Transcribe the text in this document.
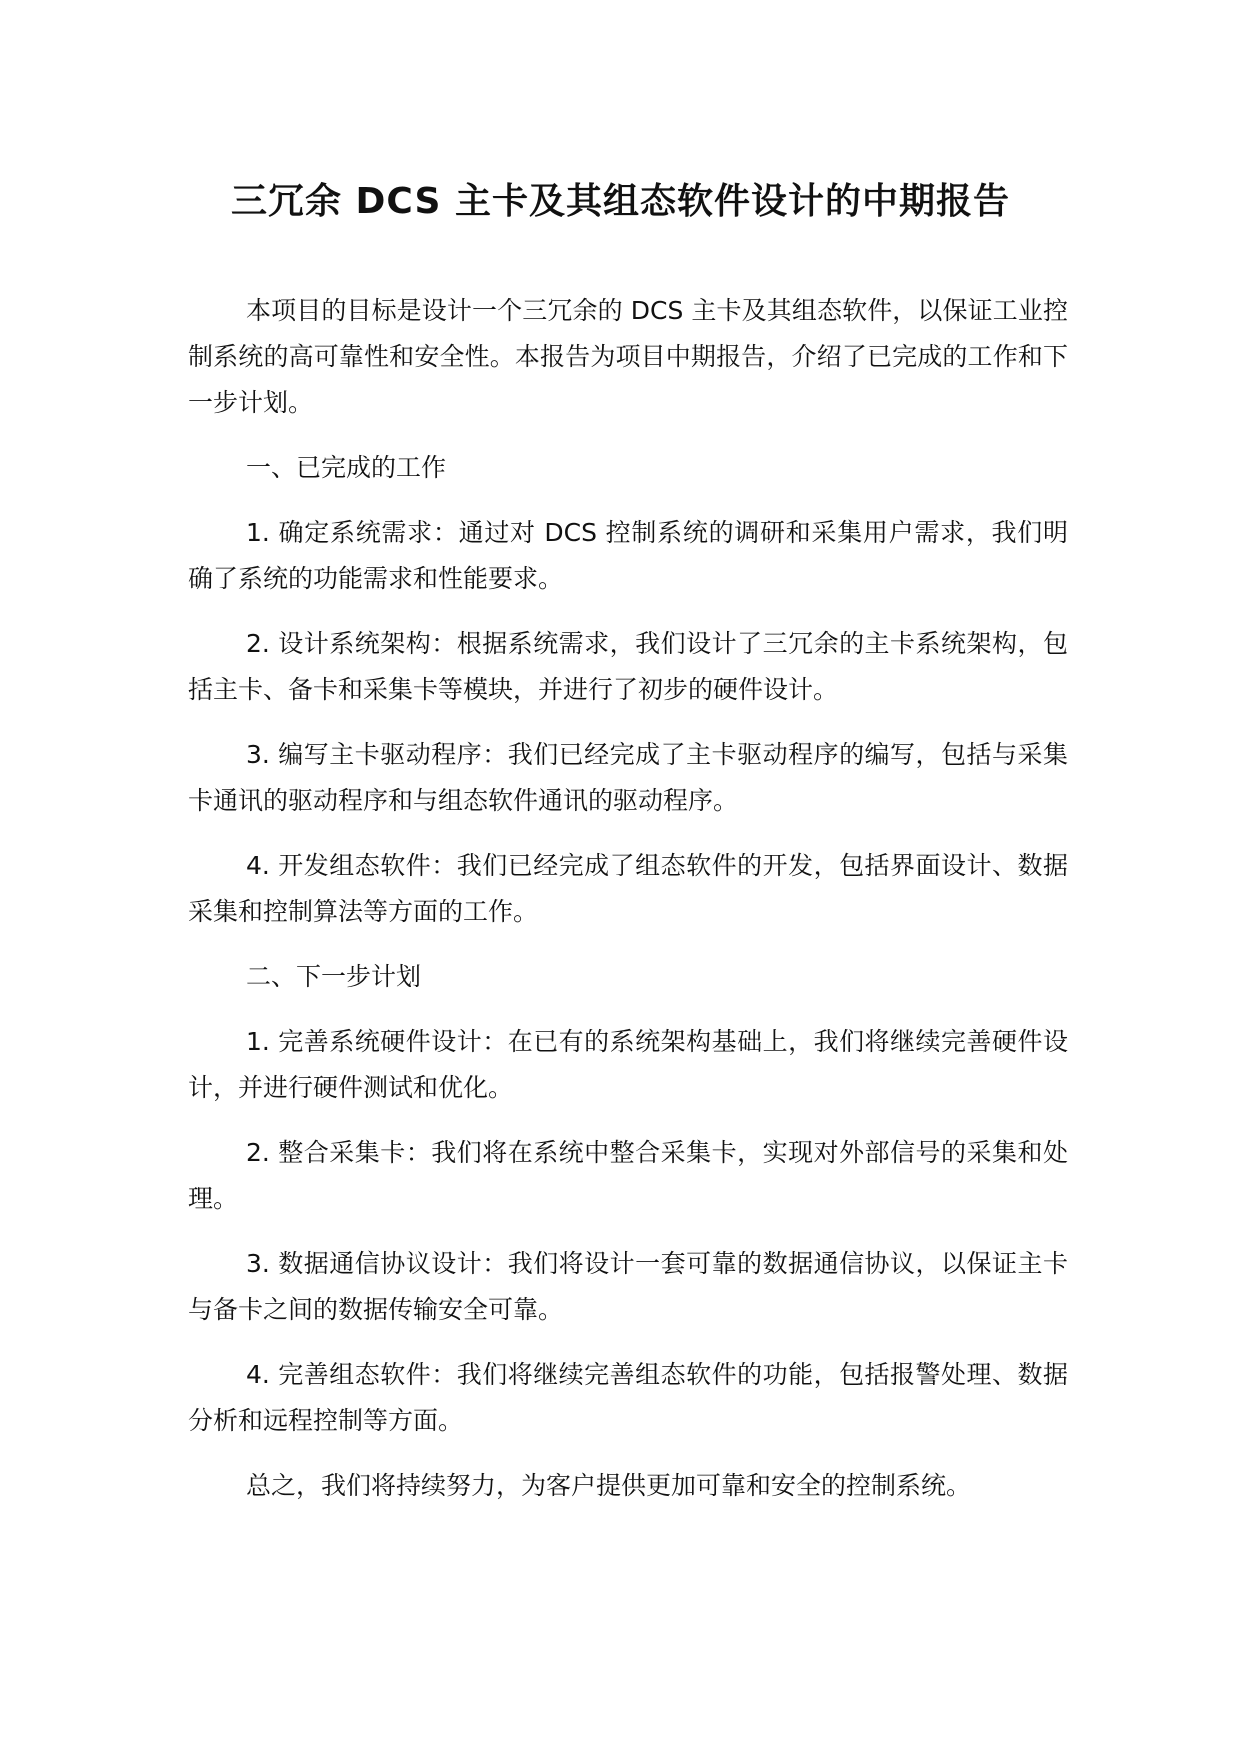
三冗余 DCS 主卡及其组态软件设计的中期报告

本项目的目标是设计一个三冗余的 DCS 主卡及其组态软件，以保证工业控制系统的高可靠性和安全性。本报告为项目中期报告，介绍了已完成的工作和下一步计划。

一、已完成的工作

1. 确定系统需求：通过对 DCS 控制系统的调研和采集用户需求，我们明确了系统的功能需求和性能要求。

2. 设计系统架构：根据系统需求，我们设计了三冗余的主卡系统架构，包括主卡、备卡和采集卡等模块，并进行了初步的硬件设计。

3. 编写主卡驱动程序：我们已经完成了主卡驱动程序的编写，包括与采集卡通讯的驱动程序和与组态软件通讯的驱动程序。

4. 开发组态软件：我们已经完成了组态软件的开发，包括界面设计、数据采集和控制算法等方面的工作。

二、下一步计划

1. 完善系统硬件设计：在已有的系统架构基础上，我们将继续完善硬件设计，并进行硬件测试和优化。

2. 整合采集卡：我们将在系统中整合采集卡，实现对外部信号的采集和处理。

3. 数据通信协议设计：我们将设计一套可靠的数据通信协议，以保证主卡与备卡之间的数据传输安全可靠。

4. 完善组态软件：我们将继续完善组态软件的功能，包括报警处理、数据分析和远程控制等方面。

总之，我们将持续努力，为客户提供更加可靠和安全的控制系统。
